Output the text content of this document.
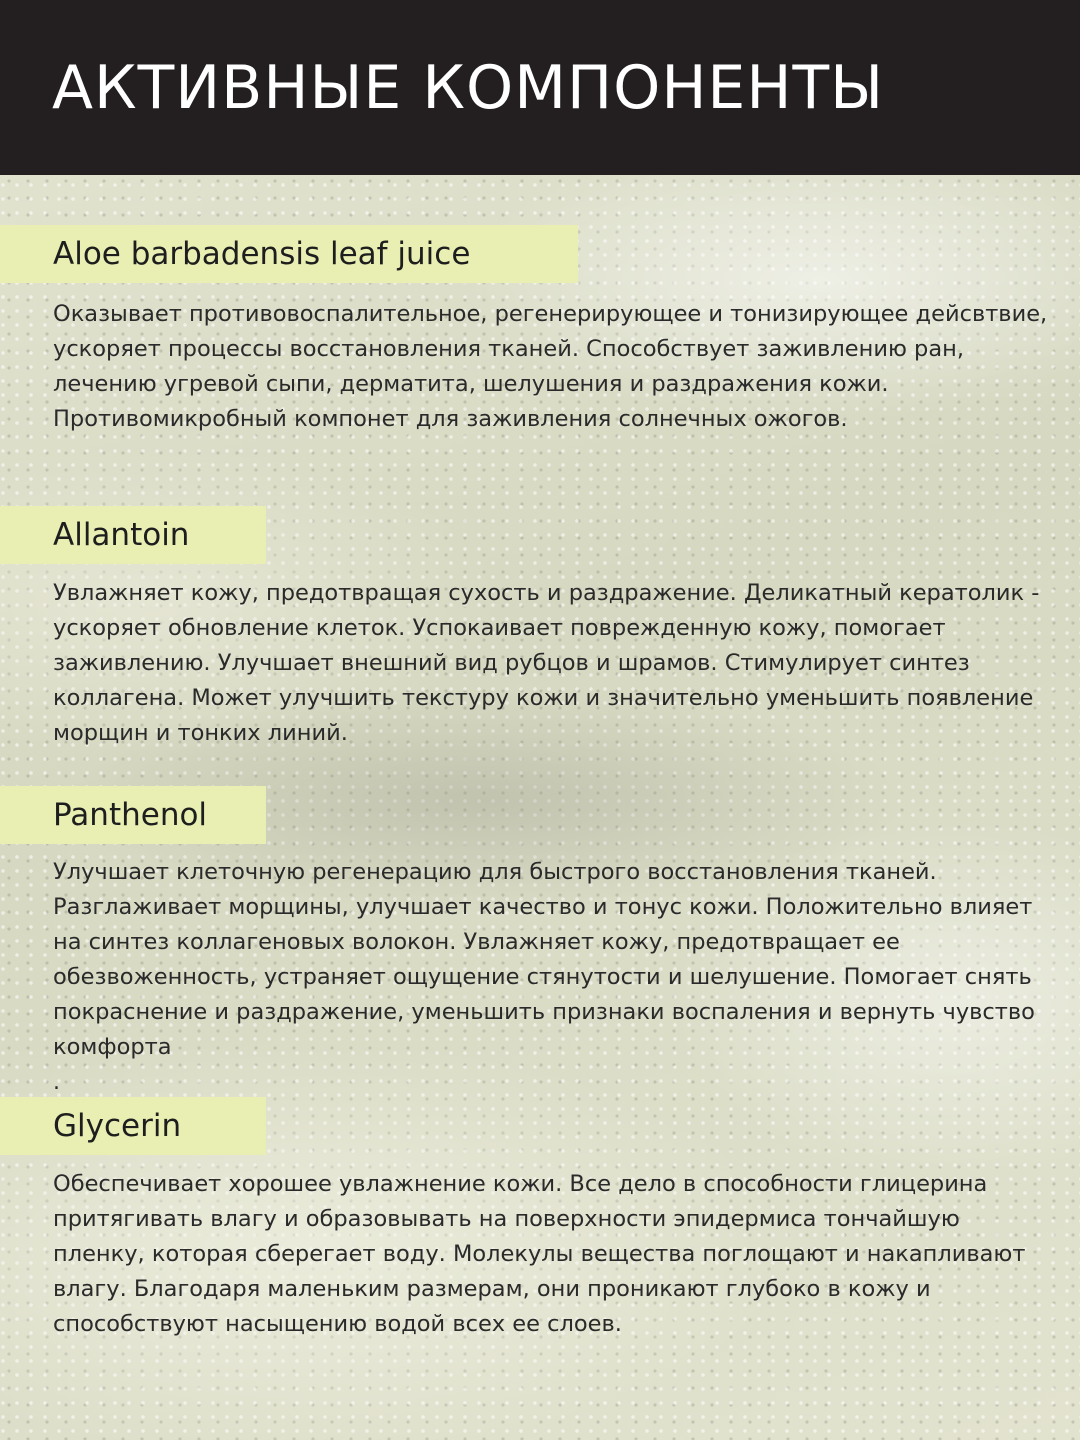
АКТИВНЫЕ КОМПОНЕНТЫ
Aloe barbadensis leaf juice

Оказывает противовоспалительное, регенерирующее и тонизирующее дейсвтвие, ускоряет процессы восстановления тканей. Способствует заживлению ран, лечению угревой сыпи, дерматита, шелушения и раздражения кожи. Противомикробный компонет для заживления солнечных ожогов.

Allantoin

Увлажняет кожу, предотвращая сухость и раздражение. Деликатный кератолик - ускоряет обновление клеток. Успокаивает поврежденную кожу, помогает заживлению. Улучшает внешний вид рубцов и шрамов. Стимулирует синтез коллагена. Может улучшить текстуру кожи и значительно уменьшить появление морщин и тонких линий.

Panthenol

Улучшает клеточную регенерацию для быстрого восстановления тканей. Разглаживает морщины, улучшает качество и тонус кожи. Положительно влияет на синтез коллагеновых волокон. Увлажняет кожу, предотвращает ее обезвоженность, устраняет ощущение стянутости и шелушение. Помогает снять покраснение и раздражение, уменьшить признаки воспаления и вернуть чувство комфорта

.
Glycerin

Обеспечивает хорошее увлажнение кожи. Все дело в способности глицерина притягивать влагу и образовывать на поверхности эпидермиса тончайшую пленку, которая сберегает воду. Молекулы вещества поглощают и накапливают влагу. Благодаря маленьким размерам, они проникают глубоко в кожу и способствуют насыщению водой всех ее слоев.
